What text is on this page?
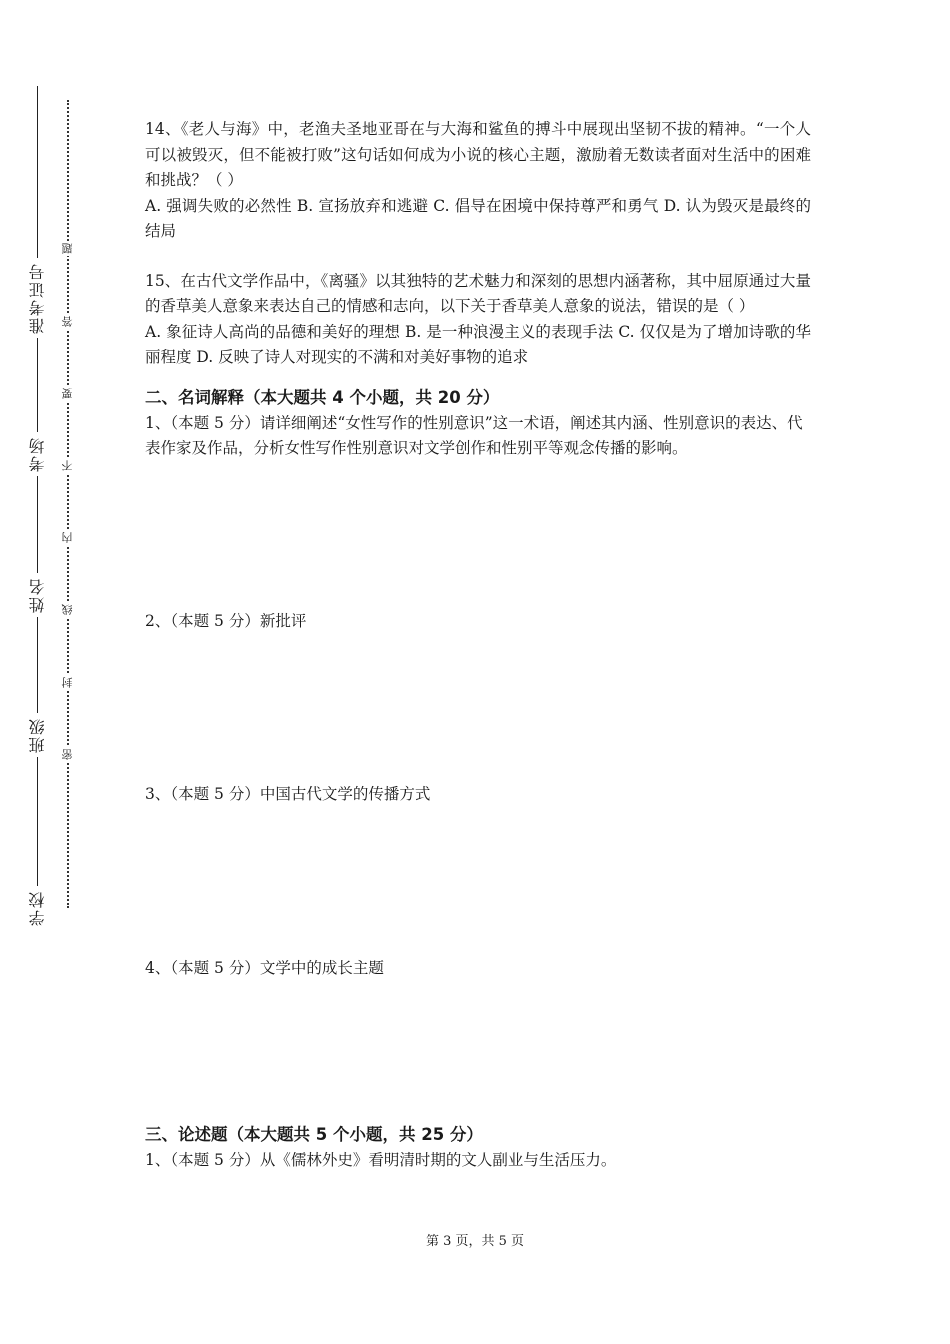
准考证号
考场
姓名
班级
学校
题
答
要
不
内
线
封
密

14、《老人与海》中，老渔夫圣地亚哥在与大海和鲨鱼的搏斗中展现出坚韧不拔的精神。“一个人可以被毁灭，但不能被打败”这句话如何成为小说的核心主题，激励着无数读者面对生活中的困难和挑战？（ ）

A. 强调失败的必然性 B. 宣扬放弃和逃避 C. 倡导在困境中保持尊严和勇气 D. 认为毁灭是最终的结局

15、在古代文学作品中，《离骚》以其独特的艺术魅力和深刻的思想内涵著称，其中屈原通过大量的香草美人意象来表达自己的情感和志向，以下关于香草美人意象的说法，错误的是（ ）

A. 象征诗人高尚的品德和美好的理想 B. 是一种浪漫主义的表现手法 C. 仅仅是为了增加诗歌的华丽程度 D. 反映了诗人对现实的不满和对美好事物的追求

二、名词解释（本大题共 4 个小题，共 20 分）

1、（本题 5 分）请详细阐述“女性写作的性别意识”这一术语，阐述其内涵、性别意识的表达、代表作家及作品，分析女性写作性别意识对文学创作和性别平等观念传播的影响。

2、（本题 5 分）新批评

3、（本题 5 分）中国古代文学的传播方式

4、（本题 5 分）文学中的成长主题

三、论述题（本大题共 5 个小题，共 25 分）

1、（本题 5 分）从《儒林外史》看明清时期的文人副业与生活压力。

第 3 页，共 5 页
